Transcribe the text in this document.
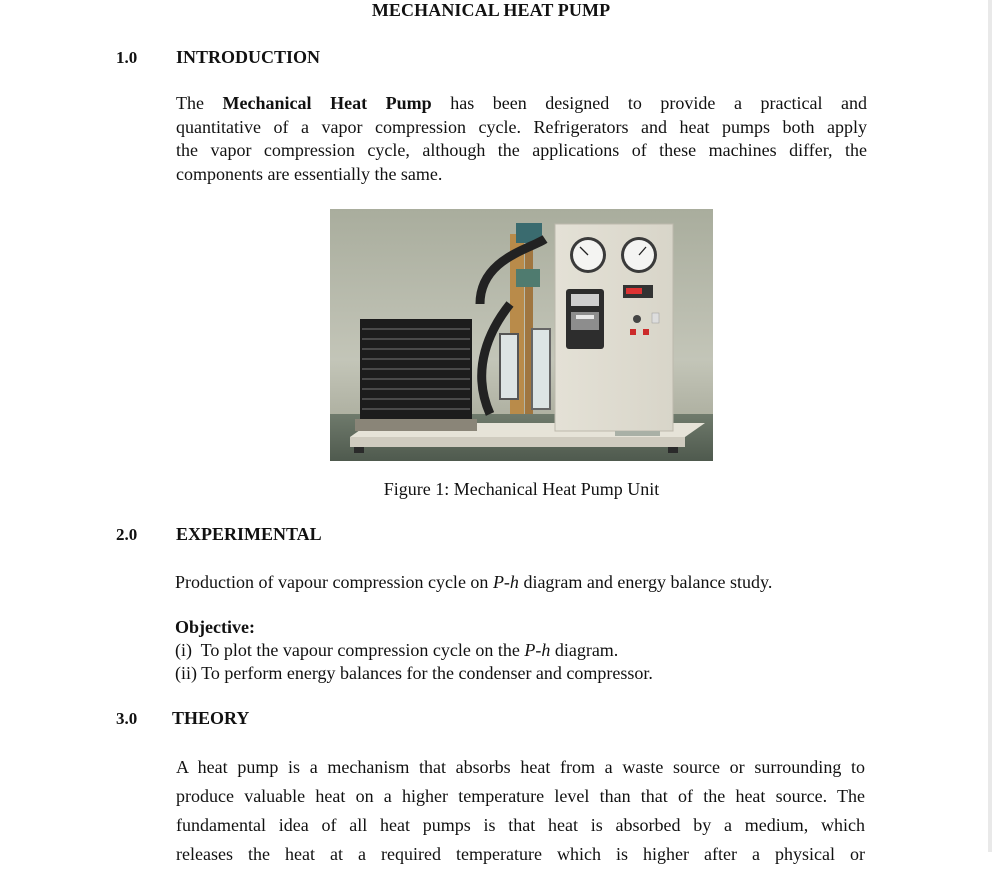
MECHANICAL HEAT PUMP
1.0 INTRODUCTION
The Mechanical Heat Pump has been designed to provide a practical and
quantitative of a vapor compression cycle. Refrigerators and heat pumps both apply
the vapor compression cycle, although the applications of these machines differ, the
components are essentially the same.
Figure 1: Mechanical Heat Pump Unit
2.0 EXPERIMENTAL
Production of vapour compression cycle on P-h diagram and energy balance study.
Objective:
(i)  To plot the vapour compression cycle on the P-h diagram.
(ii) To perform energy balances for the condenser and compressor.
3.0 THEORY
A heat pump is a mechanism that absorbs heat from a waste source or surrounding to
produce valuable heat on a higher temperature level than that of the heat source. The
fundamental idea of all heat pumps is that heat is absorbed by a medium, which
releases the heat at a required temperature which is higher after a physical or
